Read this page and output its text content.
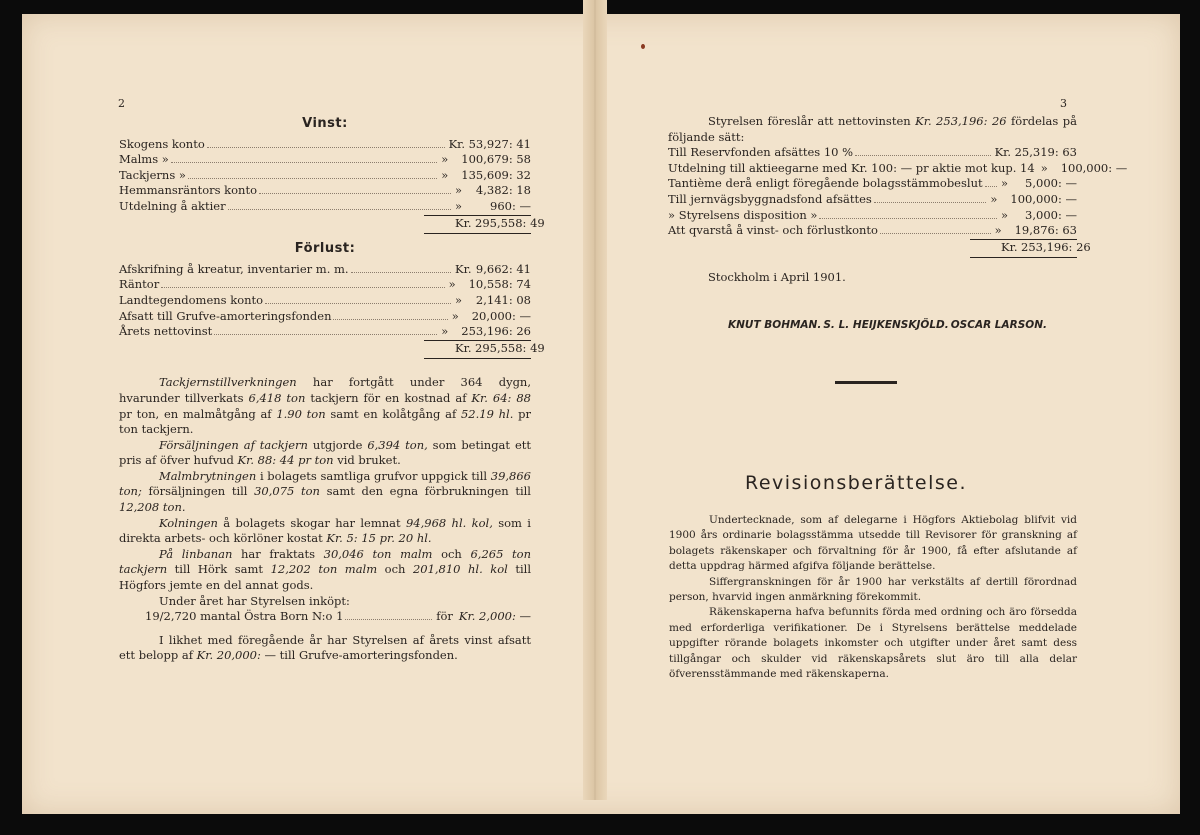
2	3
Vinst:
Skogens konto	Kr. 53,927: 41
Malms »	»	100,679: 58
Tackjerns »	»	135,609: 32
Hemmansräntors konto	»	4,382: 18
Utdelning å aktier	»	960: —
Kr. 295,558: 49
Förlust:
Afskrifning å kreatur, inventarier m. m.	Kr. 9,662: 41
Räntor	»	10,558: 74
Landtegendomens konto	»	2,141: 08
Afsatt till Grufve-amorteringsfonden	»	20,000: —
Årets nettovinst	»	253,196: 26
Kr. 295,558: 49

Tackjernstillverkningen har fortgått under 364 dygn, hvarunder tillverkats 6,418 ton tackjern för en kostnad af Kr. 64: 88 pr ton, en malmåtgång af 1.90 ton samt en kolåtgång af 52.19 hl. pr ton tackjern.

Försäljningen af tackjern utgjorde 6,394 ton, som betingat ett pris af öfver hufvud Kr. 88: 44 pr ton vid bruket.

Malmbrytningen i bolagets samtliga grufvor uppgick till 39,866 ton; försäljningen till 30,075 ton samt den egna förbrukningen till 12,208 ton.

Kolningen å bolagets skogar har lemnat 94,968 hl. kol, som i direkta arbets- och körlöner kostat Kr. 5: 15 pr. 20 hl.

På linbanan har fraktats 30,046 ton malm och 6,265 ton tackjern till Hörk samt 12,202 ton malm och 201,810 hl. kol till Högfors jemte en del annat gods.

Under året har Styrelsen inköpt:

19/2,720 mantal Östra Born N:o 1	för Kr. 2,000: —

I likhet med föregående år har Styrelsen af årets vinst afsatt ett belopp af Kr. 20,000: — till Grufve-amorteringsfonden.

Styrelsen föreslår att nettovinsten Kr. 253,196: 26 fördelas på följande sätt:

Till Reservfonden afsättes 10 %	Kr. 25,319: 63
Utdelning till aktieegarne med Kr. 100: — pr aktie mot kup. 14 »	100,000: —
Tantième derå enligt föregående bolagsstämmobeslut »	5,000: —
Till jernvägsbyggnadsfond afsättes	»	100,000: —
» Styrelsens disposition »	»	3,000: —
Att qvarstå å vinst- och förlustkonto	»	19,876: 63
Kr. 253,196: 26

Stockholm i April 1901.

KNUT BOHMAN. S. L. HEIJKENSKJÖLD. OSCAR LARSON.
Revisionsberättelse.

Undertecknade, som af delegarne i Högfors Aktiebolag blifvit vid 1900 års ordinarie bolagsstämma utsedde till Revisorer för granskning af bolagets räkenskaper och förvaltning för år 1900, få efter afslutande af detta uppdrag härmed afgifva följande berättelse.

Siffergranskningen för år 1900 har verkstälts af dertill förordnad person, hvarvid ingen anmärkning förekommit.

Räkenskaperna hafva befunnits förda med ordning och äro försedda med erforderliga verifikationer. De i Styrelsens berättelse meddelade uppgifter rörande bolagets inkomster och utgifter under året samt dess tillgångar och skulder vid räkenskapsårets slut äro till alla delar öfverensstämmande med räkenskaperna.
